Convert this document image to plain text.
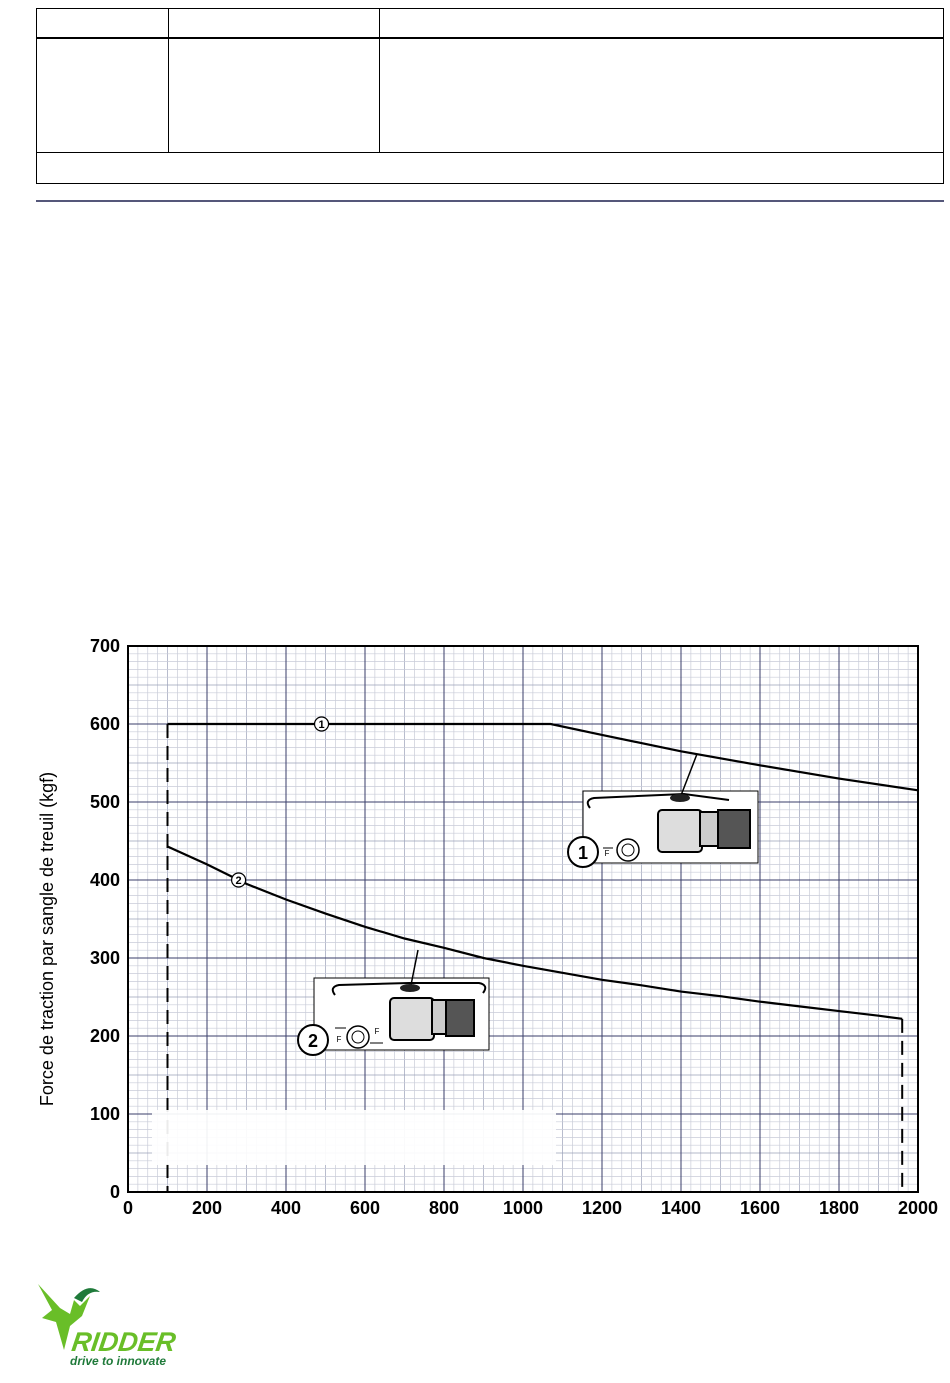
0
100
200
300
400
500
600
700
0	200	400	600	800 1000 1200 1400 1600 1800 2000
Force de traction par sangle de treuil (kgf)
1
2
1 F
2 F
F
RIDDER
drive to innovate
